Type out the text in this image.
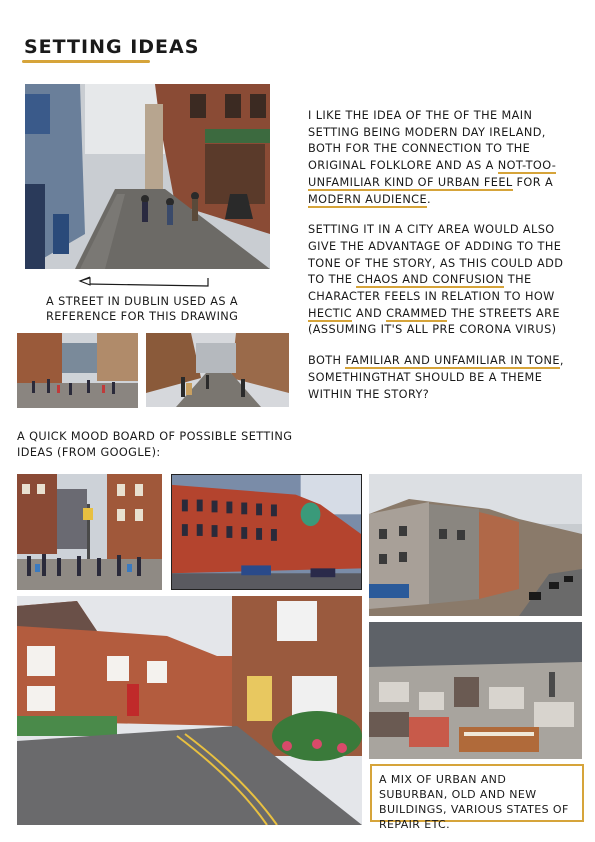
SETTING IDEAS
A STREET IN DUBLIN USED AS A REFERENCE FOR THIS DRAWING

I LIKE THE IDEA OF THE OF THE MAIN SETTING BEING MODERN DAY IRELAND, BOTH FOR THE CONNECTION TO THE ORIGINAL FOLKLORE AND AS A NOT-TOO-UNFAMILIAR KIND OF URBAN FEEL FOR A MODERN AUDIENCE.

SETTING IT IN A CITY AREA WOULD ALSO GIVE THE ADVANTAGE OF ADDING TO THE TONE OF THE STORY, AS THIS COULD ADD TO THE CHAOS AND CONFUSION THE CHARACTER FEELS IN RELATION TO HOW HECTIC AND CRAMMED THE STREETS ARE (ASSUMING IT'S ALL PRE CORONA VIRUS)

BOTH FAMILIAR AND UNFAMILIAR IN TONE, SOMETHINGTHAT SHOULD BE A THEME WITHIN THE STORY?

A QUICK MOOD BOARD OF POSSIBLE SETTING IDEAS (FROM GOOGLE):
A MIX OF URBAN AND SUBURBAN, OLD AND NEW BUILDINGS, VARIOUS STATES OF REPAIR ETC.
